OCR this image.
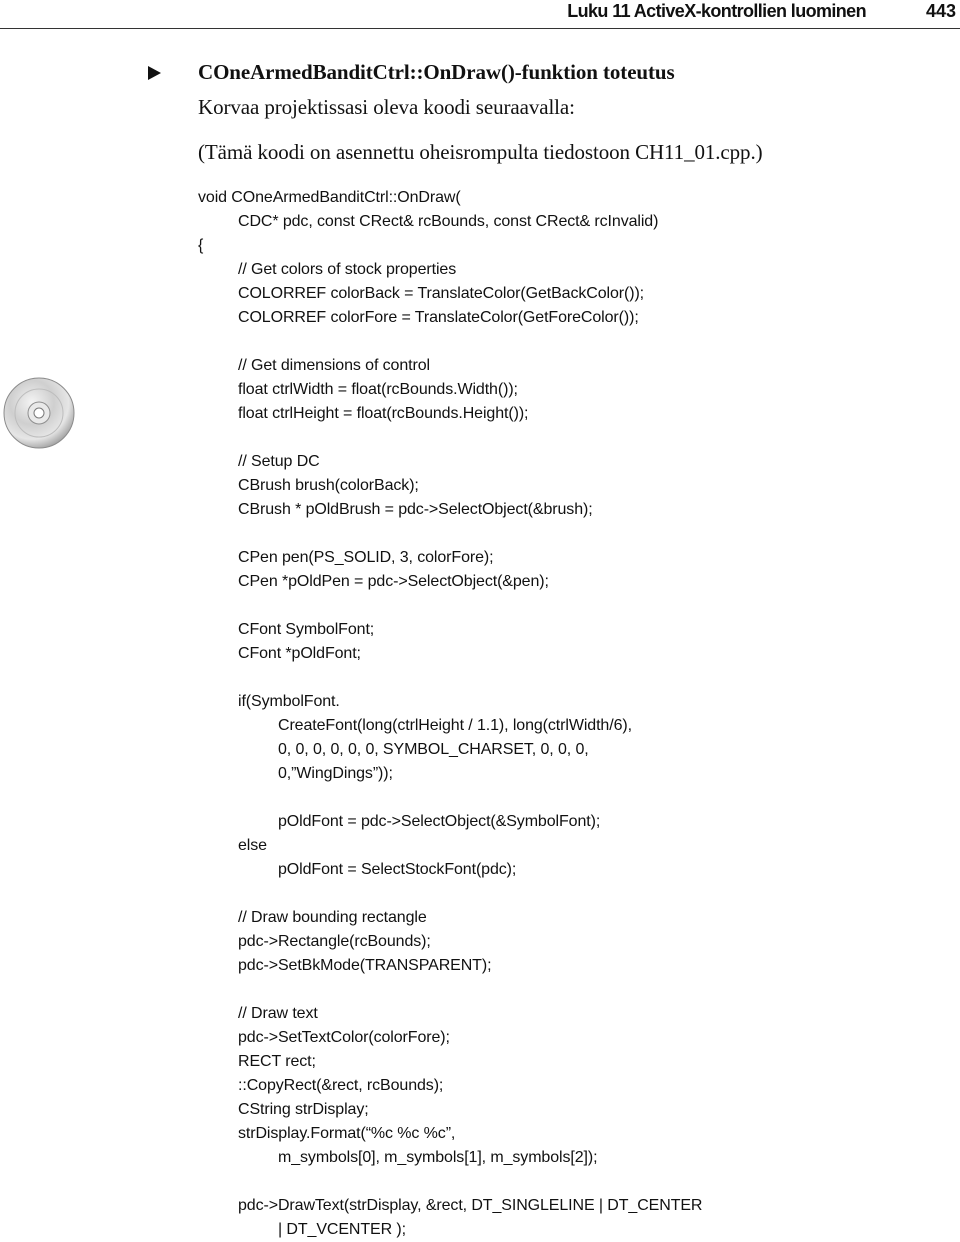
Luku 11 ActiveX-kontrollien luominen	443
COneArmedBanditCtrl::OnDraw()-funktion toteutus
Korvaa projektissasi oleva koodi seuraavalla:
(Tämä koodi on asennettu oheisrompulta tiedostoon CH11_01.cpp.)
void COneArmedBanditCtrl::OnDraw(
CDC* pdc, const CRect& rcBounds, const CRect& rcInvalid)
{
// Get colors of stock properties
COLORREF colorBack = TranslateColor(GetBackColor());
COLORREF colorFore = TranslateColor(GetForeColor());
// Get dimensions of control
float ctrlWidth = float(rcBounds.Width());
float ctrlHeight = float(rcBounds.Height());
// Setup DC
CBrush brush(colorBack);
CBrush * pOldBrush = pdc->SelectObject(&brush);
CPen pen(PS_SOLID, 3, colorFore);
CPen *pOldPen = pdc->SelectObject(&pen);
CFont SymbolFont;
CFont *pOldFont;
if(SymbolFont.
CreateFont(long(ctrlHeight / 1.1), long(ctrlWidth/6),
0, 0, 0, 0, 0, 0, SYMBOL_CHARSET, 0, 0, 0,
0,”WingDings”));
pOldFont = pdc->SelectObject(&SymbolFont);
else
pOldFont = SelectStockFont(pdc);
// Draw bounding rectangle
pdc->Rectangle(rcBounds);
pdc->SetBkMode(TRANSPARENT);
// Draw text
pdc->SetTextColor(colorFore);
RECT rect;
::CopyRect(&rect, rcBounds);
CString strDisplay;
strDisplay.Format(“%c %c %c”,
m_symbols[0], m_symbols[1], m_symbols[2]);
pdc->DrawText(strDisplay, &rect, DT_SINGLELINE | DT_CENTER
| DT_VCENTER );
